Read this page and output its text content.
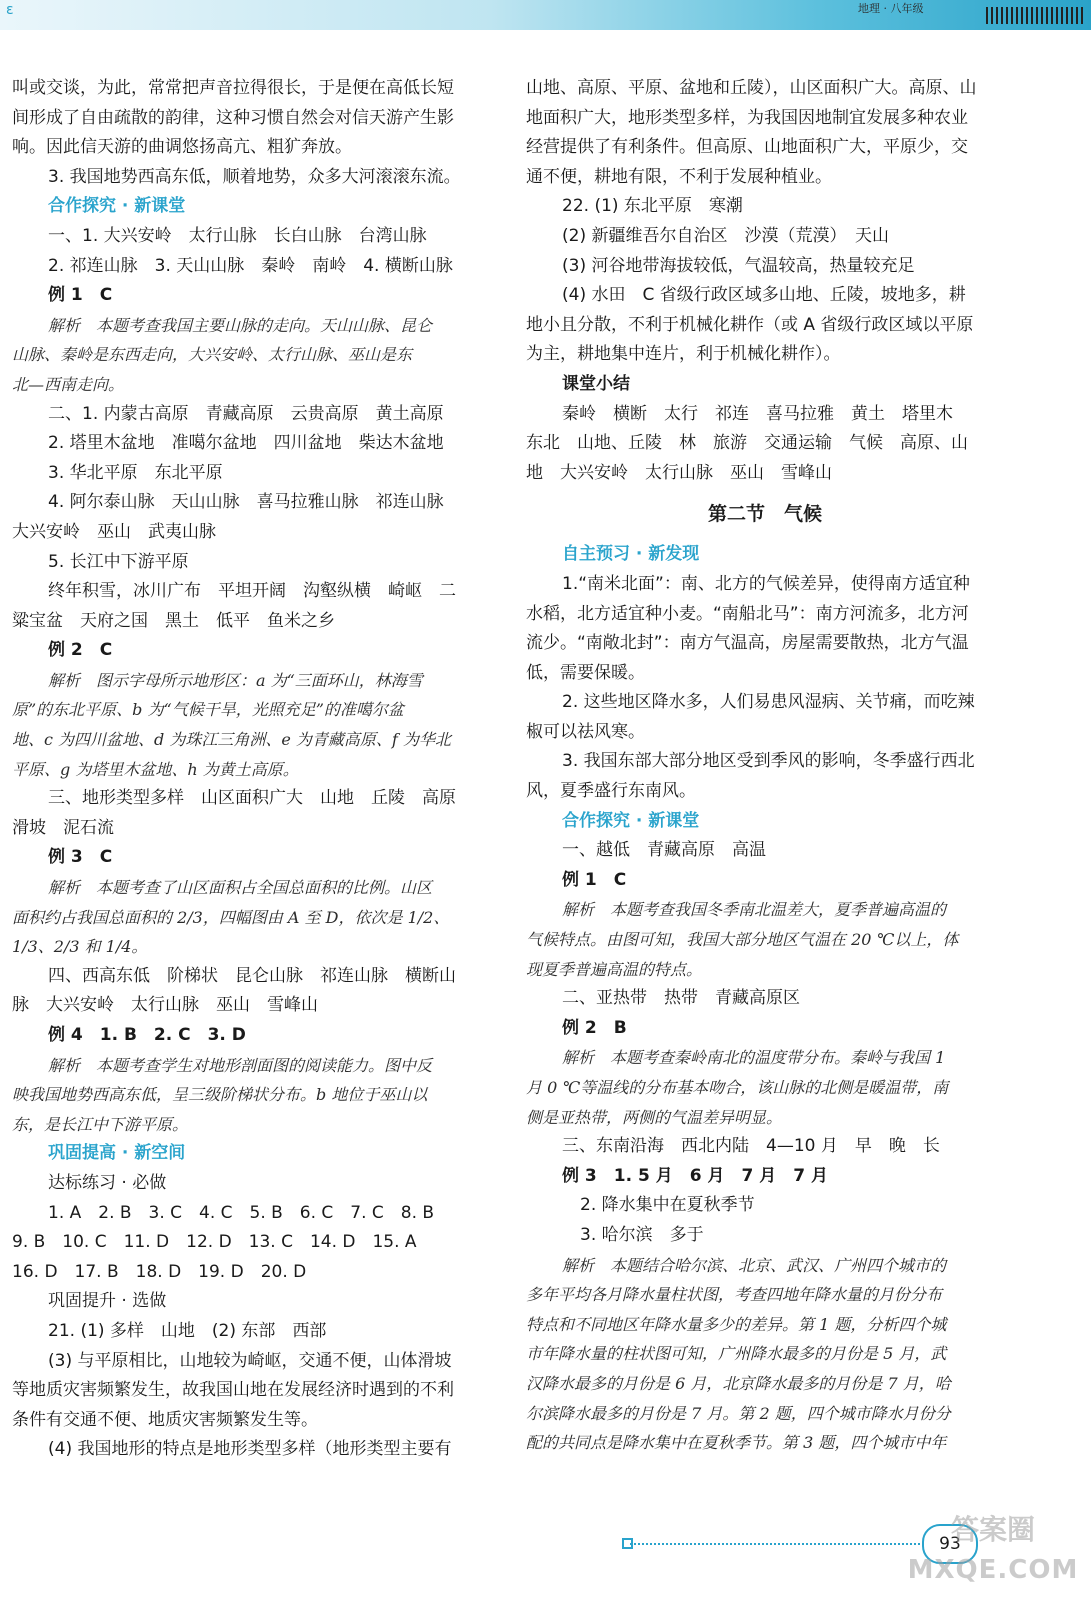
ε	地理 · 八年级
叫或交谈，为此，常常把声音拉得很长，于是便在高低长短
间形成了自由疏散的韵律，这种习惯自然会对信天游产生影
响。因此信天游的曲调悠扬高亢、粗犷奔放。
3. 我国地势西高东低，顺着地势，众多大河滚滚东流。
合作探究 · 新课堂
一、1. 大兴安岭　太行山脉　长白山脉　台湾山脉
2. 祁连山脉　3. 天山山脉　秦岭　南岭　4. 横断山脉
例 1　C
解析　本题考查我国主要山脉的走向。天山山脉、昆仑
山脉、秦岭是东西走向，大兴安岭、太行山脉、巫山是东
北—西南走向。
二、1. 内蒙古高原　青藏高原　云贵高原　黄土高原
2. 塔里木盆地　准噶尔盆地　四川盆地　柴达木盆地
3. 华北平原　东北平原
4. 阿尔泰山脉　天山山脉　喜马拉雅山脉　祁连山脉
大兴安岭　巫山　武夷山脉
5. 长江中下游平原
终年积雪，冰川广布　平坦开阔　沟壑纵横　崎岖　二
粱宝盆　天府之国　黑土　低平　鱼米之乡
例 2　C
解析　图示字母所示地形区：a 为“三面环山，林海雪
原”的东北平原、b 为“气候干旱，光照充足”的准噶尔盆
地、c 为四川盆地、d 为珠江三角洲、e 为青藏高原、f 为华北
平原、g 为塔里木盆地、h 为黄土高原。
三、地形类型多样　山区面积广大　山地　丘陵　高原
滑坡　泥石流
例 3　C
解析　本题考查了山区面积占全国总面积的比例。山区
面积约占我国总面积的 2/3，四幅图由 A 至 D，依次是 1/2、
1/3、2/3 和 1/4。
四、西高东低　阶梯状　昆仑山脉　祁连山脉　横断山
脉　大兴安岭　太行山脉　巫山　雪峰山
例 4　1. B　2. C　3. D
解析　本题考查学生对地形剖面图的阅读能力。图中反
映我国地势西高东低，呈三级阶梯状分布。b 地位于巫山以
东，是长江中下游平原。
巩固提高 · 新空间
达标练习 · 必做
1. A　2. B　3. C　4. C　5. B　6. C　7. C　8. B
9. B　10. C　11. D　12. D　13. C　14. D　15. A
16. D　17. B　18. D　19. D　20. D
巩固提升 · 选做
21. (1) 多样　山地　(2) 东部　西部
(3) 与平原相比，山地较为崎岖，交通不便，山体滑坡
等地质灾害频繁发生，故我国山地在发展经济时遇到的不利
条件有交通不便、地质灾害频繁发生等。
(4) 我国地形的特点是地形类型多样（地形类型主要有
山地、高原、平原、盆地和丘陵），山区面积广大。高原、山
地面积广大，地形类型多样，为我国因地制宜发展多种农业
经营提供了有利条件。但高原、山地面积广大，平原少，交
通不便，耕地有限，不利于发展种植业。
22. (1) 东北平原　寒潮
(2) 新疆维吾尔自治区　沙漠（荒漠）　天山
(3) 河谷地带海拔较低，气温较高，热量较充足
(4) 水田　C 省级行政区域多山地、丘陵，坡地多，耕
地小且分散，不利于机械化耕作（或 A 省级行政区域以平原
为主，耕地集中连片，利于机械化耕作）。
课堂小结
秦岭　横断　太行　祁连　喜马拉雅　黄土　塔里木
东北　山地、丘陵　林　旅游　交通运输　气候　高原、山
地　大兴安岭　太行山脉　巫山　雪峰山
第二节　气候
自主预习 · 新发现
1.“南米北面”：南、北方的气候差异，使得南方适宜种
水稻，北方适宜种小麦。“南船北马”：南方河流多，北方河
流少。“南敞北封”：南方气温高，房屋需要散热，北方气温
低，需要保暖。
2. 这些地区降水多，人们易患风湿病、关节痛，而吃辣
椒可以祛风寒。
3. 我国东部大部分地区受到季风的影响，冬季盛行西北
风，夏季盛行东南风。
合作探究 · 新课堂
一、越低　青藏高原　高温
例 1　C
解析　本题考查我国冬季南北温差大，夏季普遍高温的
气候特点。由图可知，我国大部分地区气温在 20 ℃以上，体
现夏季普遍高温的特点。
二、亚热带　热带　青藏高原区
例 2　B
解析　本题考查秦岭南北的温度带分布。秦岭与我国 1
月 0 ℃等温线的分布基本吻合，该山脉的北侧是暖温带，南
侧是亚热带，两侧的气温差异明显。
三、东南沿海　西北内陆　4—10 月　早　晚　长
例 3　1. 5 月　6 月　7 月　7 月
2. 降水集中在夏秋季节
3. 哈尔滨　多于
解析　本题结合哈尔滨、北京、武汉、广州四个城市的
多年平均各月降水量柱状图，考查四地年降水量的月份分布
特点和不同地区年降水量多少的差异。第 1 题，分析四个城
市年降水量的柱状图可知，广州降水最多的月份是 5 月，武
汉降水最多的月份是 6 月，北京降水最多的月份是 7 月，哈
尔滨降水最多的月份是 7 月。第 2 题，四个城市降水月份分
配的共同点是降水集中在夏秋季节。第 3 题，四个城市中年
93
答案圈
MXQE.COM
